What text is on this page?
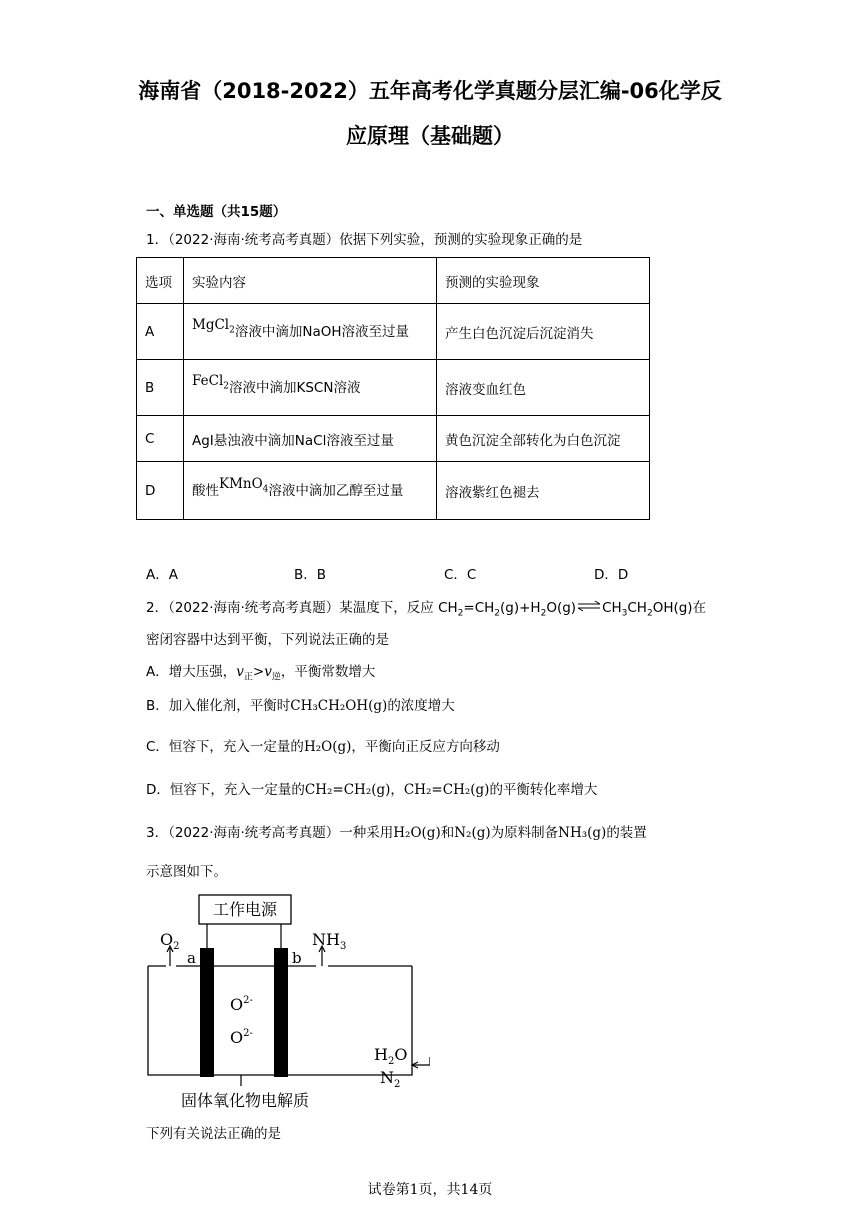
海南省（2018-2022）五年高考化学真题分层汇编-06化学反
应原理（基础题）
一、单选题（共15题）
1．（2022·海南·统考高考真题）依据下列实验，预测的实验现象正确的是
选项	实验内容	预测的实验现象
A	MgCl$_2$溶液中滴加NaOH溶液至过量	产生白色沉淀后沉淀消失
B	FeCl$_2$溶液中滴加KSCN溶液	溶液变血红色
C	AgI悬浊液中滴加NaCl溶液至过量	黄色沉淀全部转化为白色沉淀
D	酸性KMnO$_4$溶液中滴加乙醇至过量	溶液紫红色褪去
A．A	B．B	C．C	D．D
2．（2022·海南·统考高考真题）某温度下，反应 $CH_2=CH_2(g)+H_2O(g)\rightleftharpoons CH_3CH_2OH(g)$在
密闭容器中达到平衡，下列说法正确的是
A．增大压强，$v_正>v_逆$，平衡常数增大
B．加入催化剂，平衡时CH₃CH₂OH(g)的浓度增大
C．恒容下，充入一定量的H₂O(g)，平衡向正反应方向移动
D．恒容下，充入一定量的CH₂=CH₂(g)，CH₂=CH₂(g)的平衡转化率增大
3．（2022·海南·统考高考真题）一种采用H₂O(g)和N₂(g)为原料制备NH₃(g)的装置
示意图如下。
工作电源
$O_2$
a	b
$NH_3$
$O^{2-}$
$O^{2-}$
$H_2O$
$N_2$
固体氧化物电解质
下列有关说法正确的是
试卷第1页，共14页
